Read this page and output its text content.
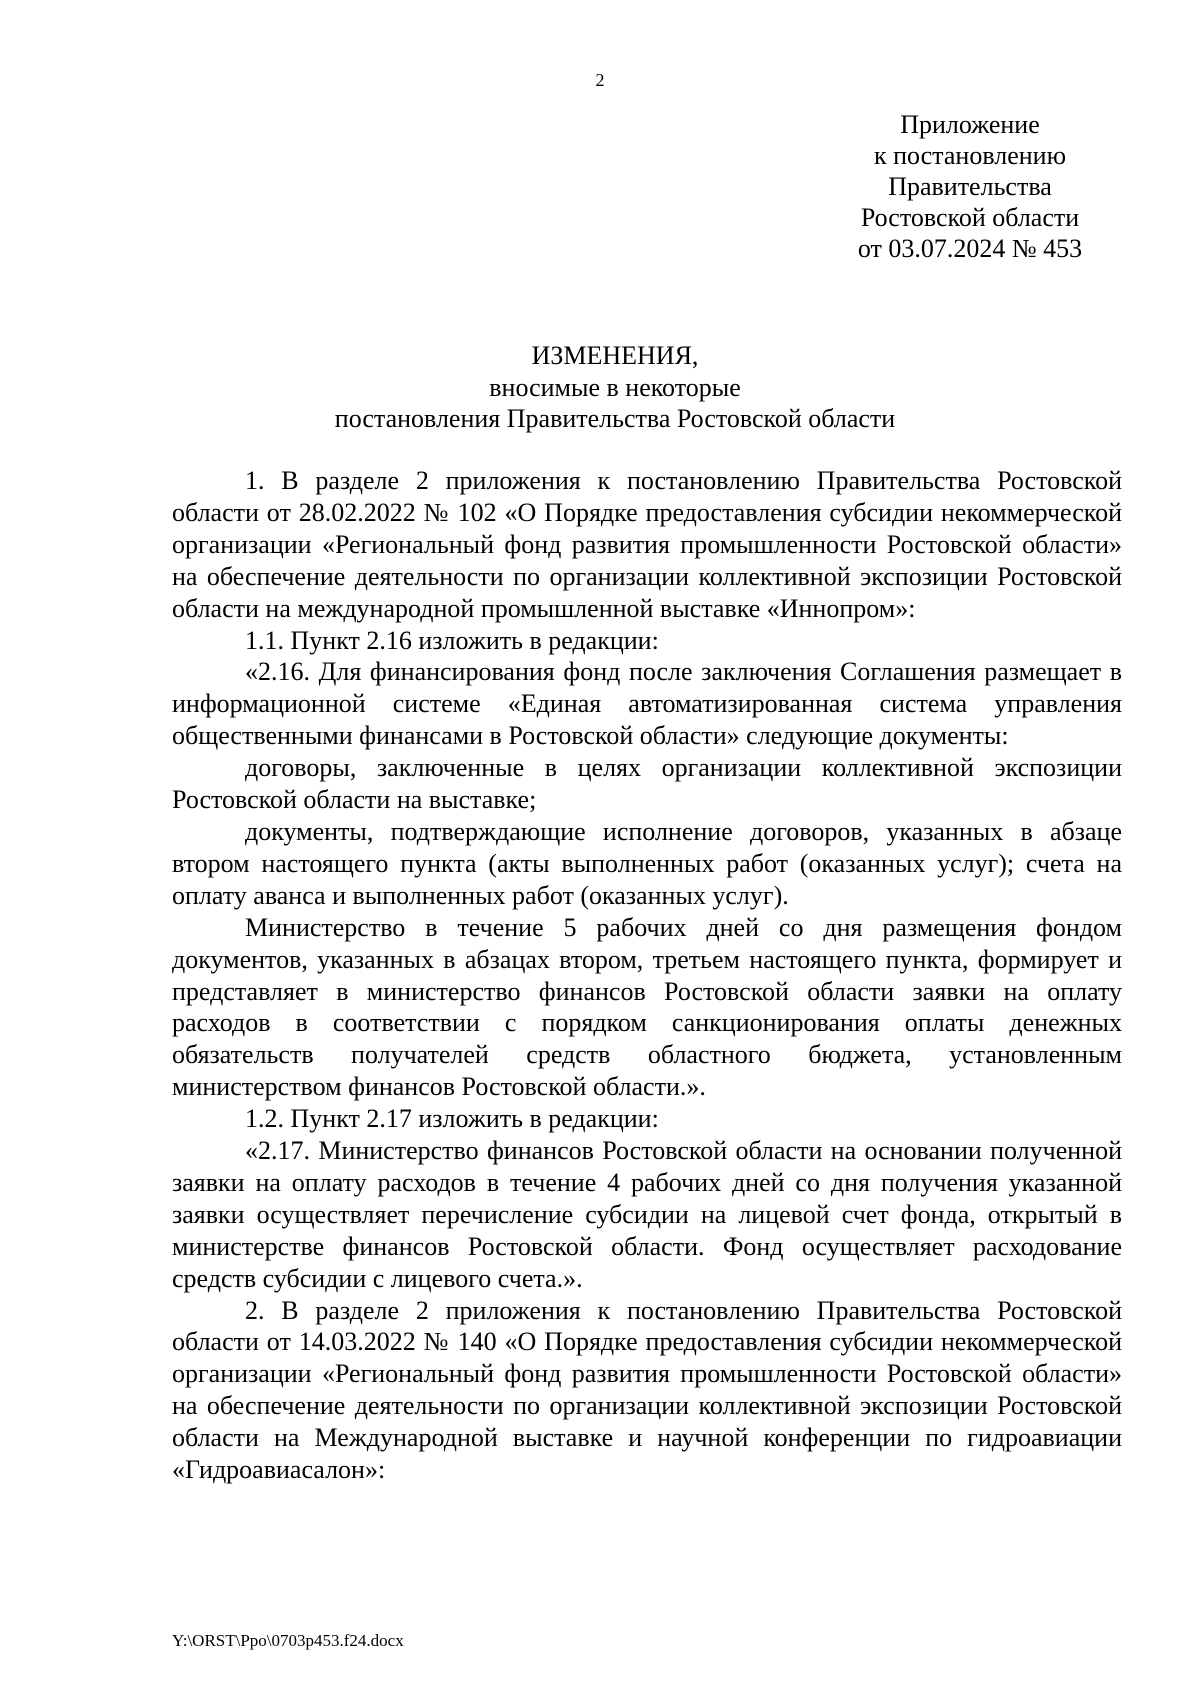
2
Приложение
к постановлению
Правительства
Ростовской области
от 03.07.2024 № 453
ИЗМЕНЕНИЯ,
вносимые в некоторые
постановления Правительства Ростовской области

1. В разделе 2 приложения к постановлению Правительства Ростовской области от 28.02.2022 № 102 «О Порядке предоставления субсидии некоммерческой организации «Региональный фонд развития промышленности Ростовской области» на обеспечение деятельности по организации коллективной экспозиции Ростовской области на международной промышленной выставке «Иннопром»:

1.1. Пункт 2.16 изложить в редакции:

«2.16. Для финансирования фонд после заключения Соглашения размещает в информационной системе «Единая автоматизированная система управления общественными финансами в Ростовской области» следующие документы:

договоры, заключенные в целях организации коллективной экспозиции Ростовской области на выставке;

документы, подтверждающие исполнение договоров, указанных в абзаце втором настоящего пункта (акты выполненных работ (оказанных услуг); счета на оплату аванса и выполненных работ (оказанных услуг).

Министерство в течение 5 рабочих дней со дня размещения фондом документов, указанных в абзацах втором, третьем настоящего пункта, формирует и представляет в министерство финансов Ростовской области заявки на оплату расходов в соответствии с порядком санкционирования оплаты денежных обязательств получателей средств областного бюджета, установленным министерством финансов Ростовской области.».

1.2. Пункт 2.17 изложить в редакции:

«2.17. Министерство финансов Ростовской области на основании полученной заявки на оплату расходов в течение 4 рабочих дней со дня получения указанной заявки осуществляет перечисление субсидии на лицевой счет фонда, открытый в министерстве финансов Ростовской области. Фонд осуществляет расходование средств субсидии с лицевого счета.».

2. В разделе 2 приложения к постановлению Правительства Ростовской области от 14.03.2022 № 140 «О Порядке предоставления субсидии некоммерческой организации «Региональный фонд развития промышленности Ростовской области» на обеспечение деятельности по организации коллективной экспозиции Ростовской области на Международной выставке и научной конференции по гидроавиации «Гидроавиасалон»:

Y:\ORST\Ppo\0703p453.f24.docx
